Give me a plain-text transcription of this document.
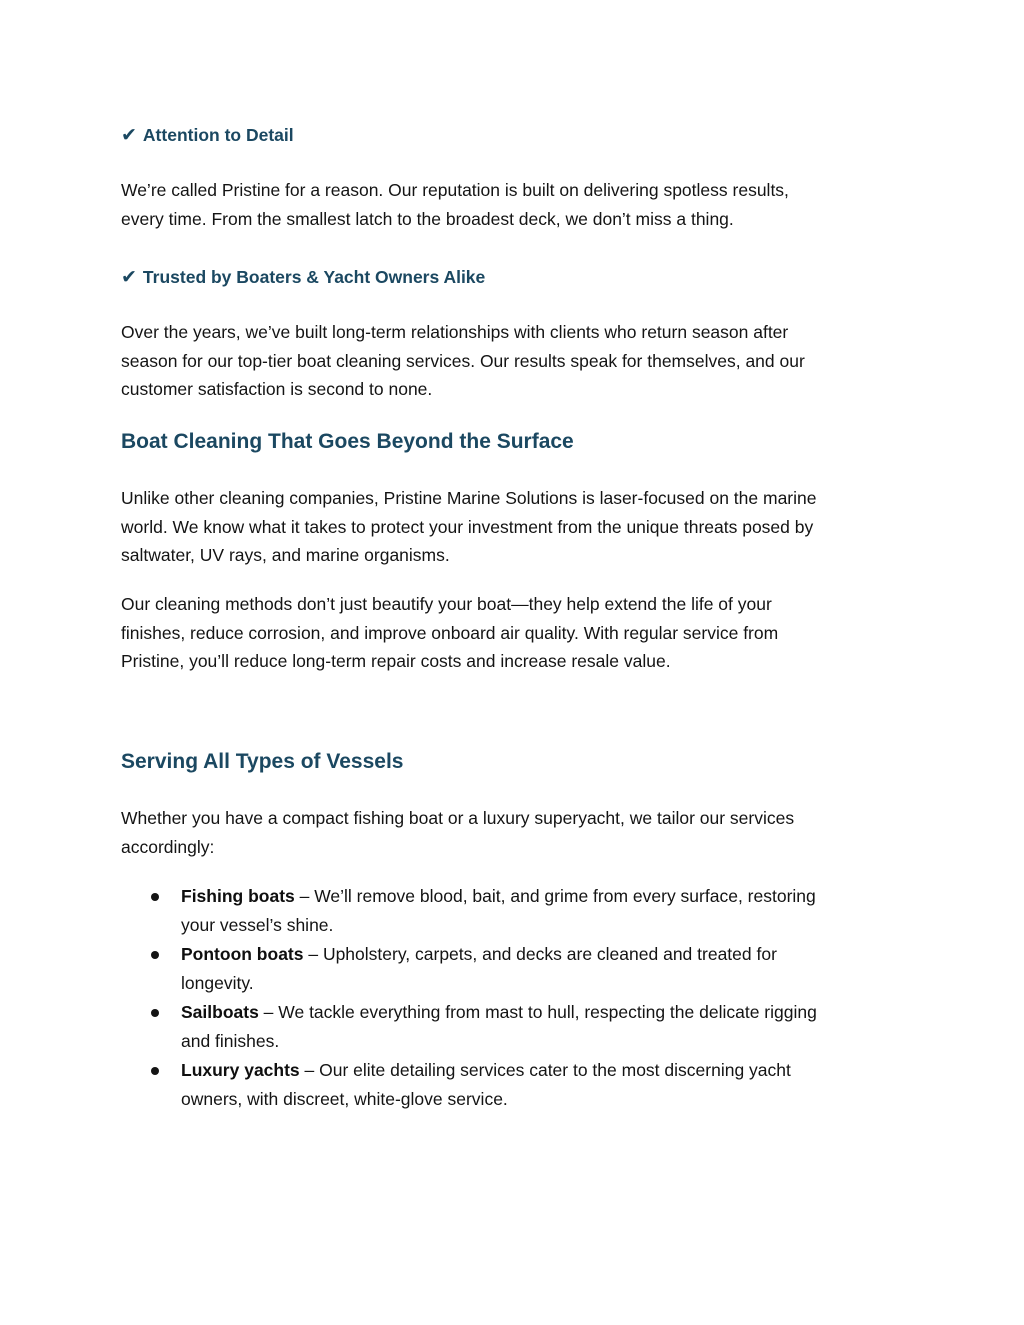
✔ Attention to Detail
We’re called Pristine for a reason. Our reputation is built on delivering spotless results,
every time. From the smallest latch to the broadest deck, we don’t miss a thing.
✔ Trusted by Boaters & Yacht Owners Alike
Over the years, we’ve built long-term relationships with clients who return season after
season for our top-tier boat cleaning services. Our results speak for themselves, and our
customer satisfaction is second to none.
Boat Cleaning That Goes Beyond the Surface
Unlike other cleaning companies, Pristine Marine Solutions is laser-focused on the marine
world. We know what it takes to protect your investment from the unique threats posed by
saltwater, UV rays, and marine organisms.
Our cleaning methods don’t just beautify your boat—they help extend the life of your
finishes, reduce corrosion, and improve onboard air quality. With regular service from
Pristine, you’ll reduce long-term repair costs and increase resale value.
Serving All Types of Vessels
Whether you have a compact fishing boat or a luxury superyacht, we tailor our services
accordingly:
Fishing boats – We’ll remove blood, bait, and grime from every surface, restoring
your vessel’s shine.
Pontoon boats – Upholstery, carpets, and decks are cleaned and treated for
longevity.
Sailboats – We tackle everything from mast to hull, respecting the delicate rigging
and finishes.
Luxury yachts – Our elite detailing services cater to the most discerning yacht
owners, with discreet, white-glove service.
